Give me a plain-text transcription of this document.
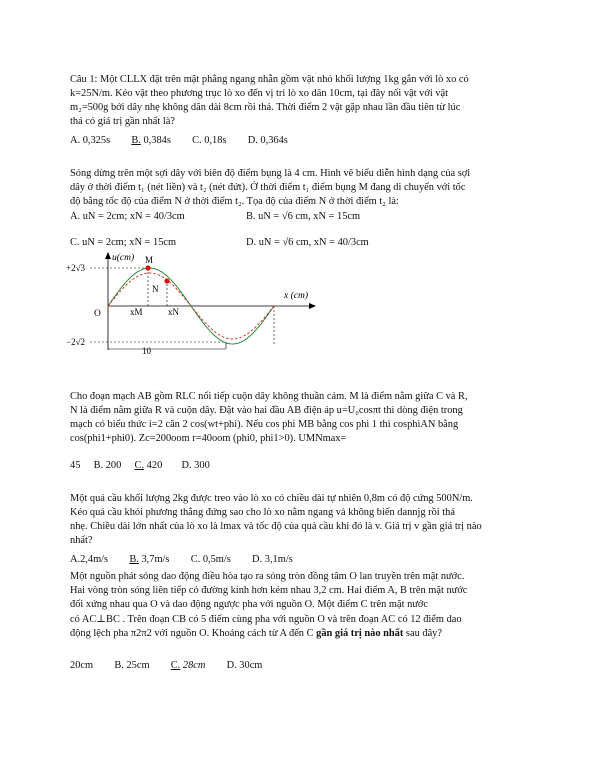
Câu 1: Một CLLX đặt trên mặt phẳng ngang nhẵn gồm vật nhỏ khối lượng 1kg gắn với lò xo có
k=25N/m. Kéo vật theo phương trục lò xo đến vị trí lò xo dãn 10cm, tại đây nối vật với vật
m₂=500g bởi dây nhẹ không dãn dài 8cm rồi thả. Thời điểm 2 vật gặp nhau lần đầu tiên từ lúc
thả có giá trị gần nhất là?
A. 0,325s B. 0,384s C. 0,18s D. 0,364s
Sóng dừng trên một sợi dây với biên độ điểm bụng là 4 cm. Hình vẽ biểu diễn hình dạng của sợi
dây ở thời điểm t₁ (nét liền) và t₂ (nét đứt). Ở thời điểm t₁ điểm bụng M đang di chuyển với tốc
độ bằng tốc độ của điểm N ở thời điểm t₂. Tọa độ của điểm N ở thời điểm t₂ là:
A. uN = 2cm; xN = 40/3cm	B. uN = √6 cm, xN = 15cm
C. uN = 2cm; xN = 15cm	D. uN = √6 cm, xN = 40/3cm
u(cm)
x (cm)
+2√3
−2√2
O
M
N
xM	xN
10
Cho đoạn mạch AB gồm RLC nối tiếp cuộn dây không thuần cảm. M là điểm nằm giữa C và R,
N là điểm nằm giữa R và cuộn dây. Đặt vào hai đầu AB điện áp u=U₀cosπt thì dòng điện trong
mạch có biểu thức i=2 căn 2 cos(wt+phi). Nếu cos phi MB bằng cos phi 1 thì cosphiAN bằng
cos(phi1+phi0). Zc=200oom r=40oom (phi0, phi1>0). UMNmax=
45 B. 200 C. 420 D. 300
Một quả cầu khối lượng 2kg được treo vào lò xo có chiều dài tự nhiên 0,8m có độ cứng 500N/m.
Kéo quả cầu khỏi phương thẳng đứng sao cho lò xo nằm ngang và không biến dannjg rồi thả
nhẹ. Chiều dài lớn nhất của lò xo là lmax và tốc độ của quả cầu khi đó là v. Giá trị v gần giá trị nào
nhất?
A.2,4m/s B. 3,7m/s C. 0,5m/s D. 3,1m/s
Một nguồn phát sóng dao động điều hòa tạo ra sóng tròn đồng tâm O lan truyền trên mặt nước.
Hai vòng tròn sóng liên tiếp có đường kính hơn kém nhau 3,2 cm. Hai điểm A, B trên mặt nước
đối xứng nhau qua O và dao động ngược pha với nguồn O. Một điểm C trên mặt nước
có AC⊥BC . Trên đoạn CB có 5 điểm cùng pha với nguồn O và trên đoạn AC có 12 điểm dao
động lệch pha π2π2 với nguồn O. Khoảng cách từ A đến C gần giá trị nào nhất sau đây?
20cm B. 25cm C. 28cm D. 30cm
